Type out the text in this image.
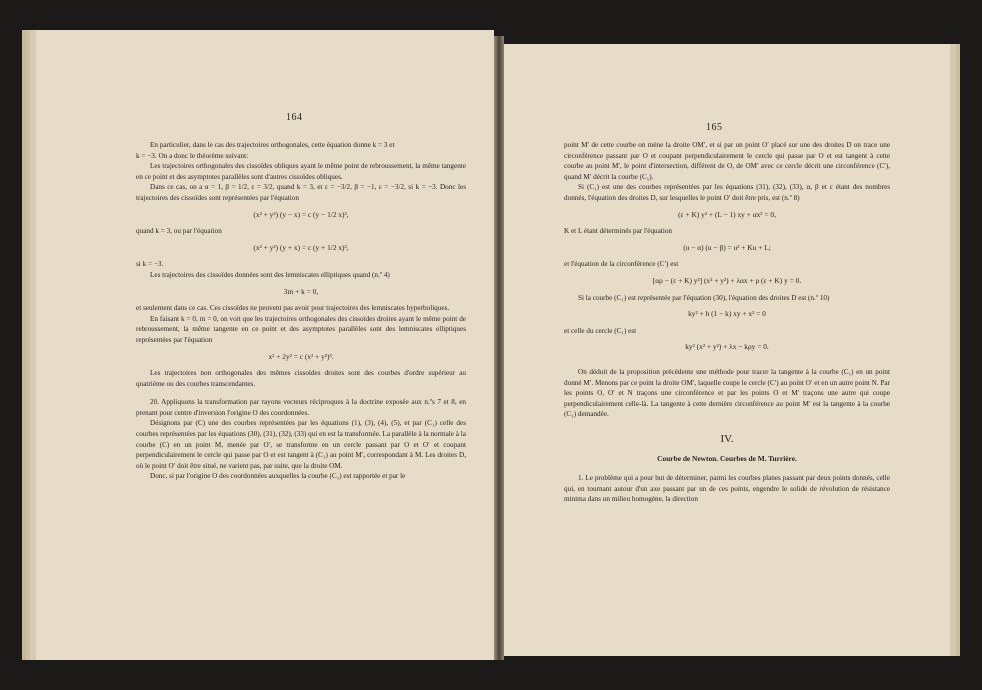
164
En particulier, dans le cas des trajectoires orthogonales, cette équation donne k = 3 et
k = −3. On a donc le théorème suivant:
Les trajectoires orthogonales des cissoïdes obliques ayant le même point de rebroussement, la même tangente en ce point et des asymptotes parallèles sont d'autres cissoïdes obliques.
Dans ce cas, on a α = 1, β = 1/2, ε = 3/2, quand k = 3, et ε = −3/2, β = −1, ε = −3/2, si k = −3. Donc les trajectoires des cissoïdes sont représentées par l'équation
(x² + y²) (y − x) = c (y − 1/2 x)³,
quand k = 3, ou par l'équation
(x² + y²) (y + x) = c (y + 1/2 x)³,
si k = −3.
Les trajectoires des cissoïdes données sont des lemniscates elliptiques quand (n.º 4)
3m + k = 0,
et seulement dans ce cas. Ces cissoïdes ne peuvent pas avoir pour trajectoires des lemniscates hyperboliques.
En faisant k = 0, m = 0, on voit que les trajectoires orthogonales des cissoïdes droites ayant le même point de rebroussement, la même tangente en ce point et des asymptotes parallèles sont des lemniscates elliptiques représentées par l'équation
x² + 2y² = c (x² + y²)³.
Les trajectoires non orthogonales des mêmes cissoïdes droites sont des courbes d'ordre supérieur au quatrième ou des courbes transcendantes.
20. Appliquons la transformation par rayons vecteurs réciproques à la doctrine exposée aux n.ºs 7 et 8, en prenant pour centre d'inversion l'origine O des coordonnées.
Désignons par (C) une des courbes représentées par les équations (1), (3), (4), (5), et par (C₁) celle des courbes représentées par les équations (30), (31), (32), (33) qui en est la transformée. La parallèle à la normale à la courbe (C) en un point M, menée par O′, se transforme en un cercle passant par O et O′ et coupant perpendiculairement le cercle qui passe par O et est tangent à (C₁) au point M′, correspondant à M. Les droites D, où le point O′ doit être situé, ne varient pas, par suite, que la droite OM.
Donc, si par l'origine O des coordonnées auxquelles la courbe (C₁) est rapportée et par le
165
point M′ de cette courbe on mène la droite OM′, et si par un point O′ placé sur une des droites D on trace une circonférence passant par O et coupant perpendiculairement le cercle qui passe par O et est tangent à cette courbe au point M′, le point d'intersection, différent de O, de OM′ avec ce cercle décrit une circonférence (C′), quand M′ décrit la courbe (C₁).
Si (C₁) est une des courbes représentées par les équations (31), (32), (33), α, β et ε étant des nombres donnés, l'équation des droites D, sur lesquelles le point O′ doit être pris, est (n.º 8)
(ε + K) y² + (L − 1) xy + αx² = 0,
K et L étant déterminés par l'équation
(u − α) (u − β) = u² + Ku + L;
et l'équation de la circonférence (C′) est
[αρ − (ε + K) y²] (x² + y²) + λαx + ρ (ε + K) y = 0.
Si la courbe (C₁) est représentée par l'équation (30), l'équation des droites D est (n.º 10)
ky² + h (1 − k) xy + x² = 0
et celle du cercle (C₁) est
ky² (x² + y²) + λx − kρy = 0.
On déduit de la proposition précédente une méthode pour tracer la tangente à la courbe (C₁) en un point donné M′. Menons par ce point la droite OM′, laquelle coupe le cercle (C′) au point O′ et en un autre point N. Par les points O, O′ et N traçons une circonférence et par les points O et M′ traçons une autre qui coupe perpendiculairement celle-là. La tangente à cette dernière circonférence au point M′ est la tangente à la courbe (C₁) demandée.
IV.
Courbe de Newton. Courbes de M. Turrière.
1. Le problème qui a pour but de déterminer, parmi les courbes planes passant par deux points donnés, celle qui, en tournant autour d'un axe passant par un de ces points, engendre le solide de révolution de résistance minima dans un milieu homogène, la direction
